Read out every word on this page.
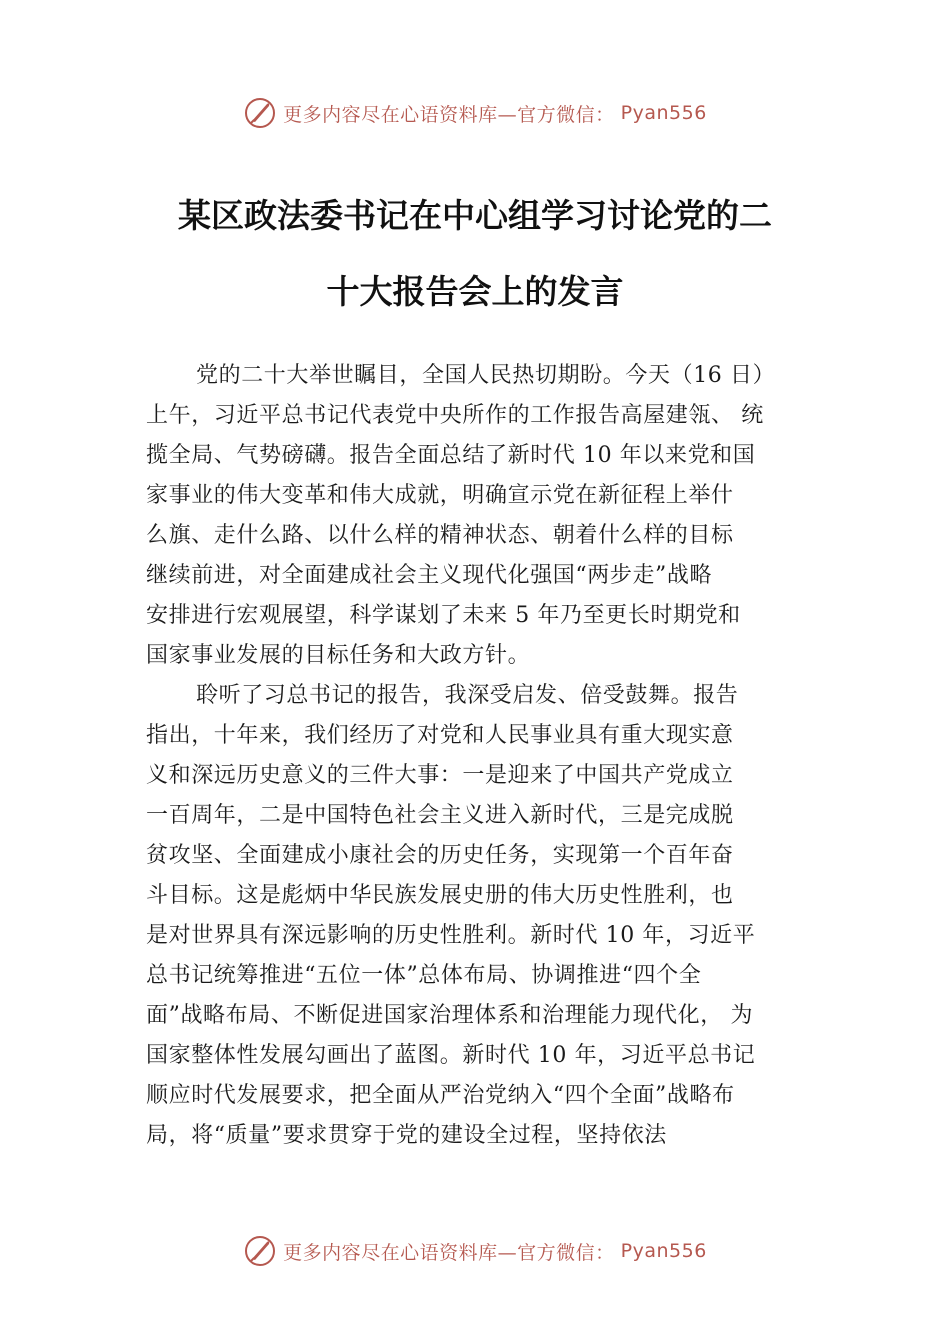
更多内容尽在心语资料库—官方微信： Pyan556
某区政法委书记在中心组学习讨论党的二
十大报告会上的发言
党的二十大举世瞩目，全国人民热切期盼。今天（16 日）
上午，习近平总书记代表党中央所作的工作报告高屋建瓴、 统
揽全局、气势磅礴。报告全面总结了新时代 10 年以来党和国
家事业的伟大变革和伟大成就，明确宣示党在新征程上举什
么旗、走什么路、以什么样的精神状态、朝着什么样的目标
继续前进，对全面建成社会主义现代化强国“两步走”战略
安排进行宏观展望，科学谋划了未来 5 年乃至更长时期党和
国家事业发展的目标任务和大政方针。
聆听了习总书记的报告，我深受启发、倍受鼓舞。报告
指出，十年来，我们经历了对党和人民事业具有重大现实意
义和深远历史意义的三件大事：一是迎来了中国共产党成立
一百周年，二是中国特色社会主义进入新时代，三是完成脱
贫攻坚、全面建成小康社会的历史任务，实现第一个百年奋
斗目标。这是彪炳中华民族发展史册的伟大历史性胜利，也
是对世界具有深远影响的历史性胜利。新时代 10 年，习近平
总书记统筹推进“五位一体”总体布局、协调推进“四个全
面”战略布局、不断促进国家治理体系和治理能力现代化， 为
国家整体性发展勾画出了蓝图。新时代 10 年，习近平总书记
顺应时代发展要求，把全面从严治党纳入“四个全面”战略布
局，将“质量”要求贯穿于党的建设全过程，坚持依法
更多内容尽在心语资料库—官方微信： Pyan556
